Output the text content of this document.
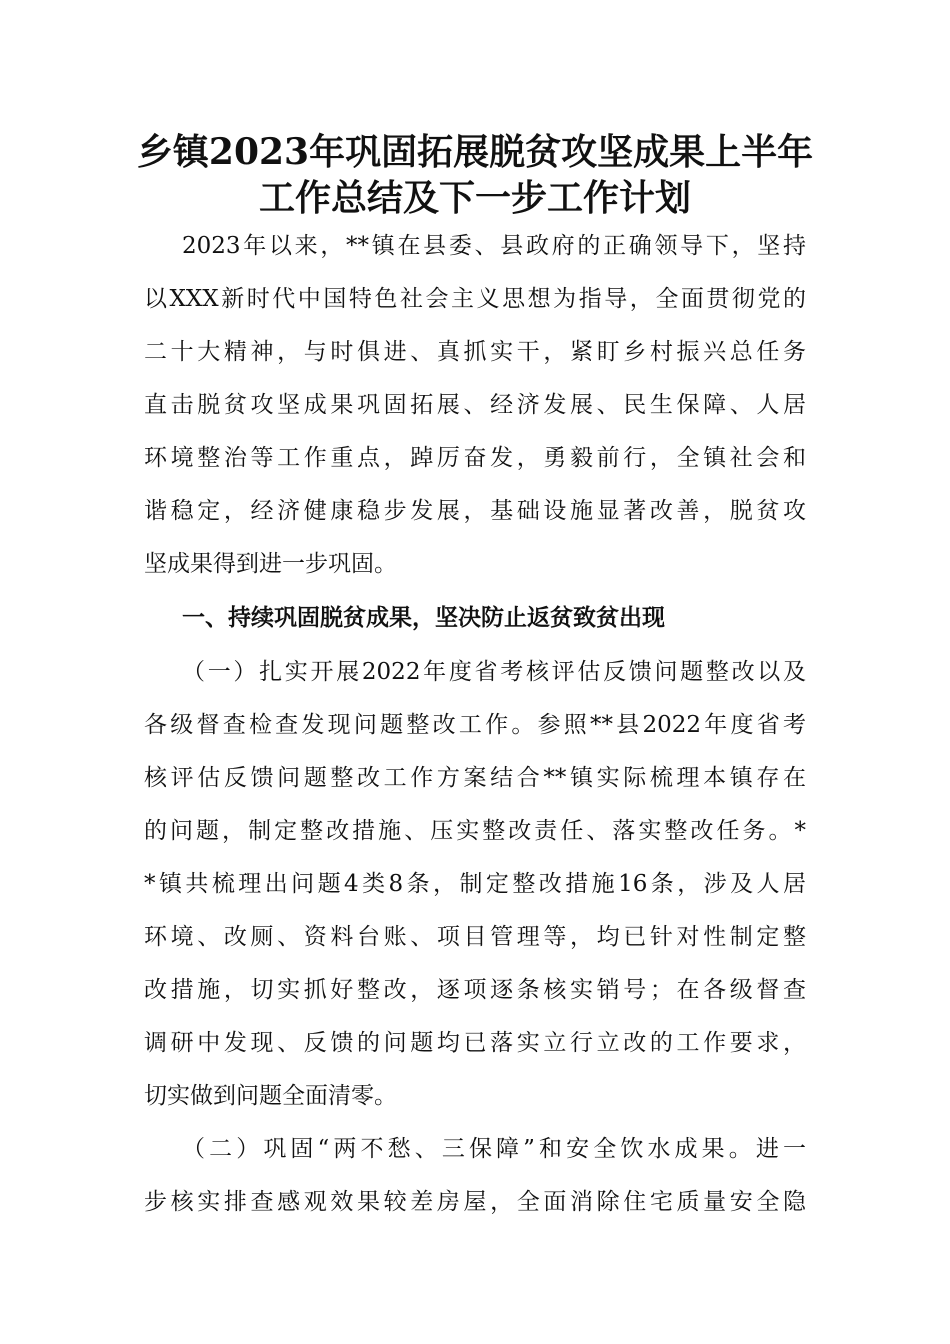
乡镇2023年巩固拓展脱贫攻坚成果上半年
工作总结及下一步工作计划
2023年以来，**镇在县委、县政府的正确领导下，坚持
以XXX新时代中国特色社会主义思想为指导，全面贯彻党的
二十大精神，与时俱进、真抓实干，紧盯乡村振兴总任务
直击脱贫攻坚成果巩固拓展、经济发展、民生保障、人居
环境整治等工作重点，踔厉奋发，勇毅前行，全镇社会和
谐稳定，经济健康稳步发展，基础设施显著改善，脱贫攻
坚成果得到进一步巩固。
一、持续巩固脱贫成果，坚决防止返贫致贫出现
（一）扎实开展2022年度省考核评估反馈问题整改以及
各级督查检查发现问题整改工作。参照**县2022年度省考
核评估反馈问题整改工作方案结合**镇实际梳理本镇存在
的问题，制定整改措施、压实整改责任、落实整改任务。*
*镇共梳理出问题4类8条，制定整改措施16条，涉及人居
环境、改厕、资料台账、项目管理等，均已针对性制定整
改措施，切实抓好整改，逐项逐条核实销号；在各级督查
调研中发现、反馈的问题均已落实立行立改的工作要求，
切实做到问题全面清零。
（二）巩固“两不愁、三保障”和安全饮水成果。进一
步核实排查感观效果较差房屋，全面消除住宅质量安全隐
